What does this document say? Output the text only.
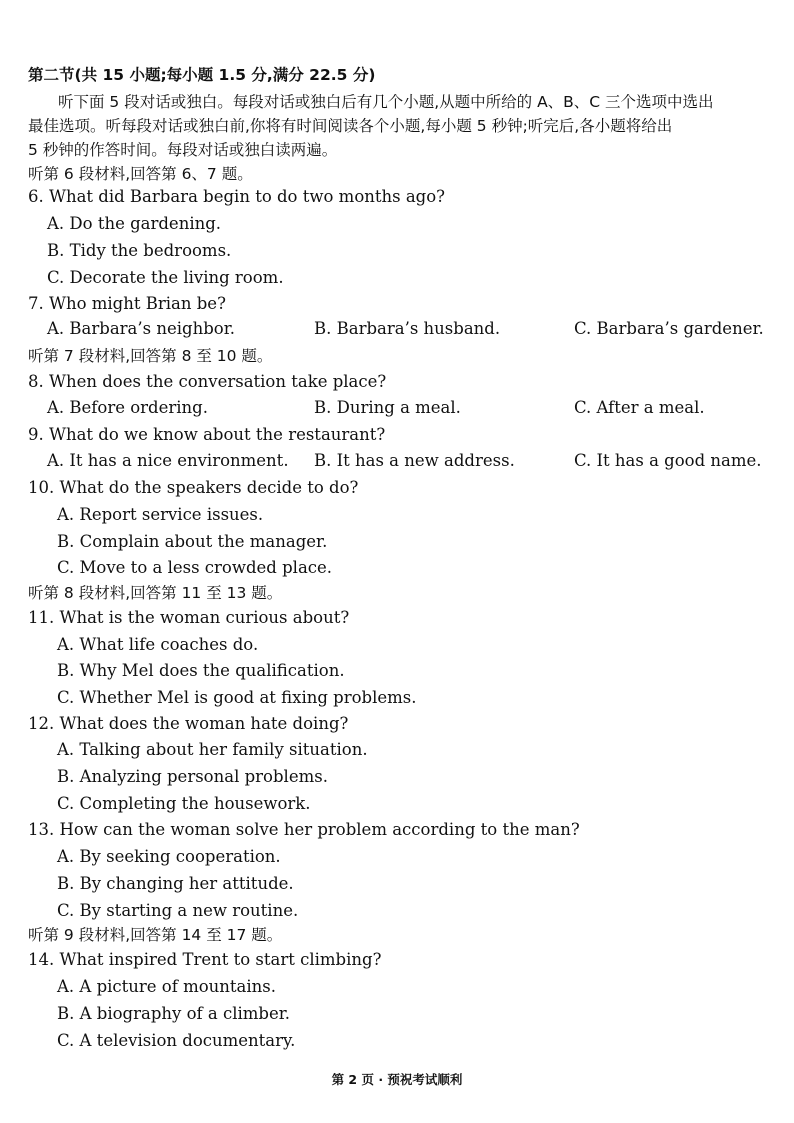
第二节(共 15 小题;每小题 1.5 分,满分 22.5 分)
听下面 5 段对话或独白。每段对话或独白后有几个小题,从题中所给的 A、B、C 三个选项中选出
最佳选项。听每段对话或独白前,你将有时间阅读各个小题,每小题 5 秒钟;听完后,各小题将给出
5 秒钟的作答时间。每段对话或独白读两遍。
听第 6 段材料,回答第 6、7 题。
6. What did Barbara begin to do two months ago?
A. Do the gardening.
B. Tidy the bedrooms.
C. Decorate the living room.
7. Who might Brian be?
A. Barbara’s neighbor.	B. Barbara’s husband.	C. Barbara’s gardener.
听第 7 段材料,回答第 8 至 10 题。
8. When does the conversation take place?
A. Before ordering.	B. During a meal.	C. After a meal.
9. What do we know about the restaurant?
A. It has a nice environment. B. It has a new address.	C. It has a good name.
10. What do the speakers decide to do?
A. Report service issues.
B. Complain about the manager.
C. Move to a less crowded place.
听第 8 段材料,回答第 11 至 13 题。
11. What is the woman curious about?
A. What life coaches do.
B. Why Mel does the qualification.
C. Whether Mel is good at fixing problems.
12. What does the woman hate doing?
A. Talking about her family situation.
B. Analyzing personal problems.
C. Completing the housework.
13. How can the woman solve her problem according to the man?
A. By seeking cooperation.
B. By changing her attitude.
C. By starting a new routine.
听第 9 段材料,回答第 14 至 17 题。
14. What inspired Trent to start climbing?
A. A picture of mountains.
B. A biography of a climber.
C. A television documentary.
第 2 页 · 预祝考试顺利
